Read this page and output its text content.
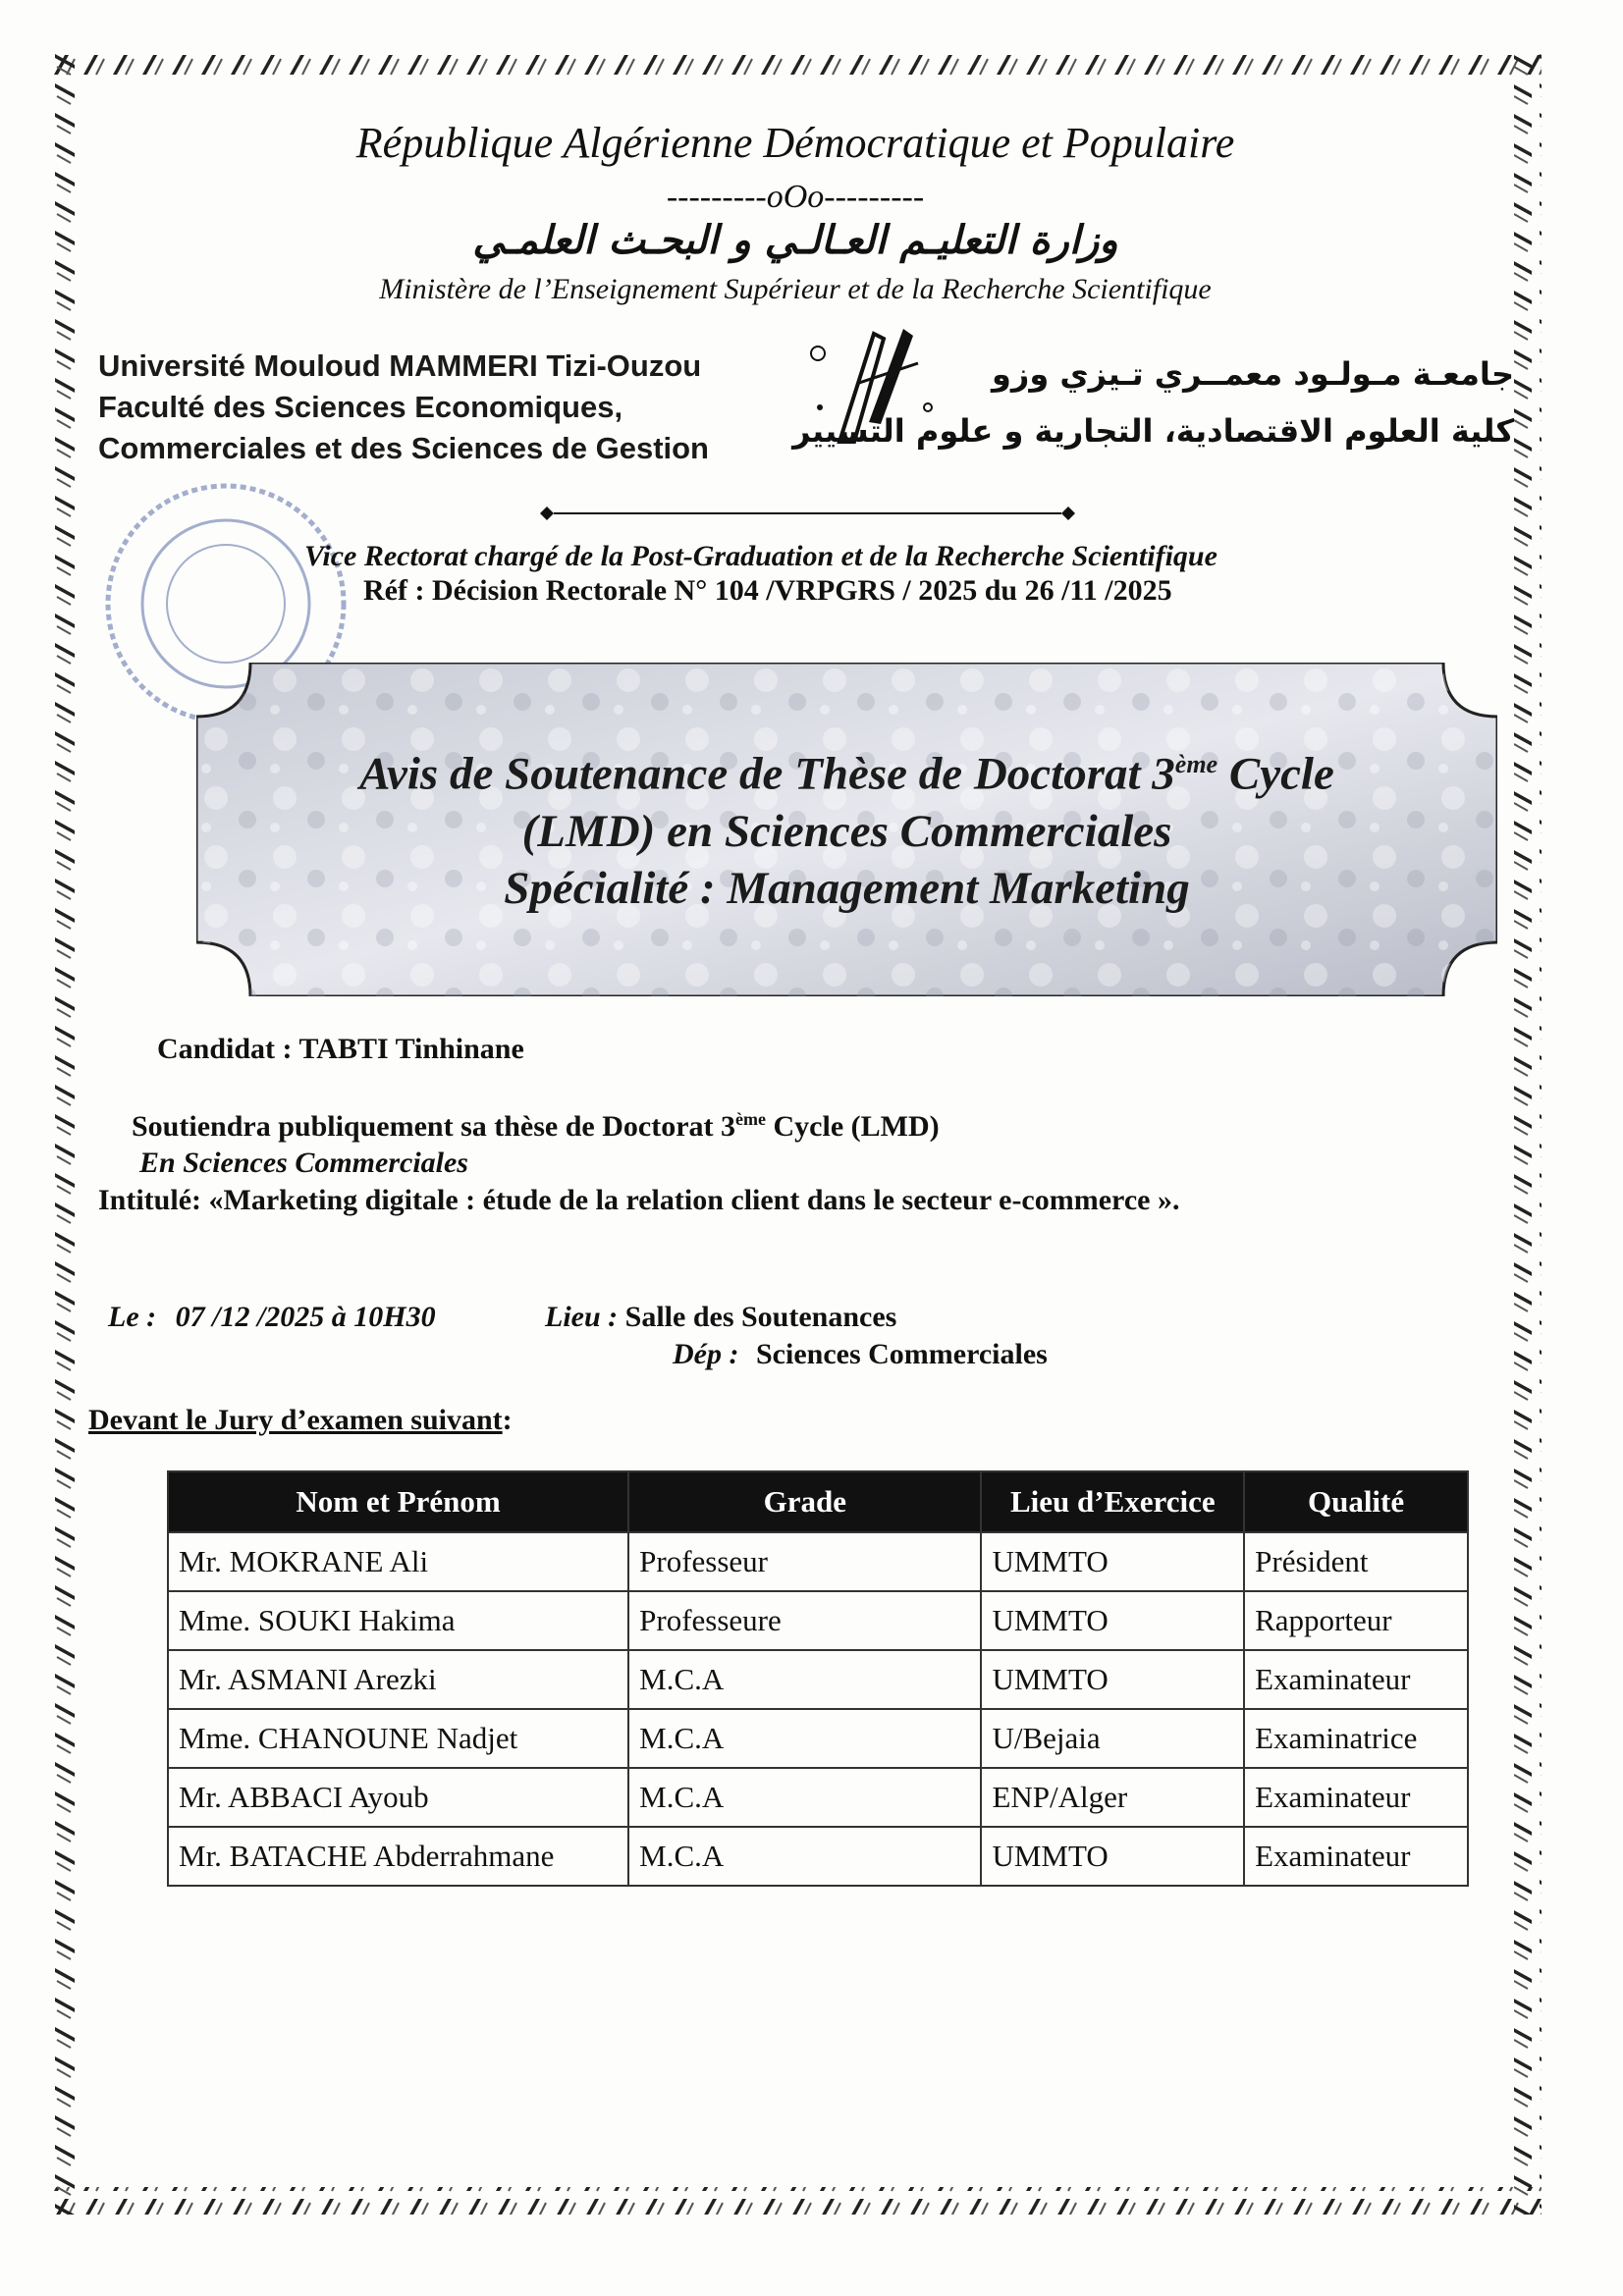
République Algérienne Démocratique et Populaire
---------oOo---------
وزارة التعليـم العـالـي و البحـث العلمـي
Ministère de l’Enseignement Supérieur et de la Recherche Scientifique
Université Mouloud MAMMERI Tizi-Ouzou
Faculté des Sciences Economiques,
Commerciales et des Sciences de Gestion
جامعـة مـولـود معمــري تـيزي وزو
كلية العلوم الاقتصادية، التجارية و علوم التسيير
Vice Rectorat chargé de la Post-Graduation et de la Recherche Scientifique
Réf : Décision Rectorale N° 104 /VRPGRS / 2025 du 26 /11 /2025
Avis de Soutenance de Thèse de Doctorat 3ème Cycle
(LMD) en Sciences Commerciales
Spécialité : Management Marketing
Candidat : TABTI Tinhinane
Soutiendra publiquement sa thèse de Doctorat 3ème Cycle (LMD)
En Sciences Commerciales
Intitulé: «Marketing digitale : étude de la relation client dans le secteur e-commerce ».
Le : 07 /12 /2025 à 10H30	Lieu : Salle des Soutenances
Dép : Sciences Commerciales
Devant le Jury d’examen suivant:
Nom et Prénom	Grade	Lieu d’Exercice	Qualité
Mr. MOKRANE Ali	Professeur	UMMTO	Président
Mme. SOUKI Hakima	Professeure	UMMTO	Rapporteur
Mr. ASMANI Arezki	M.C.A	UMMTO	Examinateur
Mme. CHANOUNE Nadjet	M.C.A	U/Bejaia	Examinatrice
Mr. ABBACI Ayoub	M.C.A	ENP/Alger	Examinateur
Mr. BATACHE Abderrahmane	M.C.A	UMMTO	Examinateur
